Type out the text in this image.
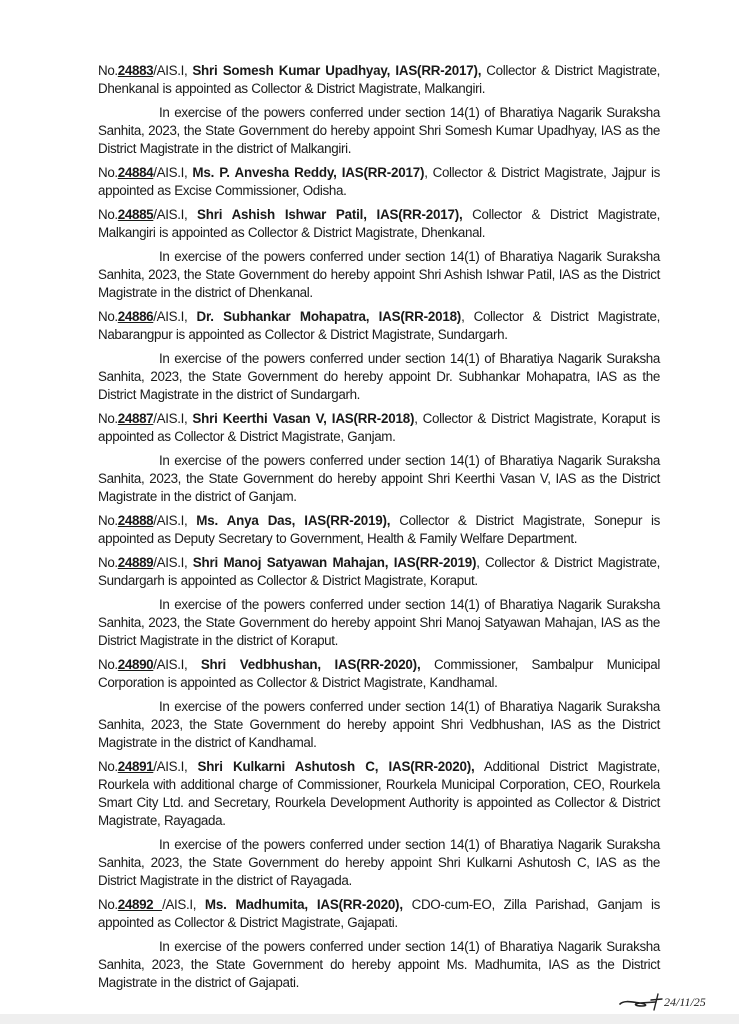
No.24883/AIS.I, Shri Somesh Kumar Upadhyay, IAS(RR-2017), Collector & District Magistrate, Dhenkanal is appointed as Collector & District Magistrate, Malkangiri.

In exercise of the powers conferred under section 14(1) of Bharatiya Nagarik Suraksha Sanhita, 2023, the State Government do hereby appoint Shri Somesh Kumar Upadhyay, IAS as the District Magistrate in the district of Malkangiri.

No.24884/AIS.I, Ms. P. Anvesha Reddy, IAS(RR-2017), Collector & District Magistrate, Jajpur is appointed as Excise Commissioner, Odisha.

No.24885/AIS.I, Shri Ashish Ishwar Patil, IAS(RR-2017), Collector & District Magistrate, Malkangiri is appointed as Collector & District Magistrate, Dhenkanal.

In exercise of the powers conferred under section 14(1) of Bharatiya Nagarik Suraksha Sanhita, 2023, the State Government do hereby appoint Shri Ashish Ishwar Patil, IAS as the District Magistrate in the district of Dhenkanal.

No.24886/AIS.I, Dr. Subhankar Mohapatra, IAS(RR-2018), Collector & District Magistrate, Nabarangpur is appointed as Collector & District Magistrate, Sundargarh.

In exercise of the powers conferred under section 14(1) of Bharatiya Nagarik Suraksha Sanhita, 2023, the State Government do hereby appoint Dr. Subhankar Mohapatra, IAS as the District Magistrate in the district of Sundargarh.

No.24887/AIS.I, Shri Keerthi Vasan V, IAS(RR-2018), Collector & District Magistrate, Koraput is appointed as Collector & District Magistrate, Ganjam.

In exercise of the powers conferred under section 14(1) of Bharatiya Nagarik Suraksha Sanhita, 2023, the State Government do hereby appoint Shri Keerthi Vasan V, IAS as the District Magistrate in the district of Ganjam.

No.24888/AIS.I, Ms. Anya Das, IAS(RR-2019), Collector & District Magistrate, Sonepur is appointed as Deputy Secretary to Government, Health & Family Welfare Department.

No.24889/AIS.I, Shri Manoj Satyawan Mahajan, IAS(RR-2019), Collector & District Magistrate, Sundargarh is appointed as Collector & District Magistrate, Koraput.

In exercise of the powers conferred under section 14(1) of Bharatiya Nagarik Suraksha Sanhita, 2023, the State Government do hereby appoint Shri Manoj Satyawan Mahajan, IAS as the District Magistrate in the district of Koraput.

No.24890/AIS.I, Shri Vedbhushan, IAS(RR-2020), Commissioner, Sambalpur Municipal Corporation is appointed as Collector & District Magistrate, Kandhamal.

In exercise of the powers conferred under section 14(1) of Bharatiya Nagarik Suraksha Sanhita, 2023, the State Government do hereby appoint Shri Vedbhushan, IAS as the District Magistrate in the district of Kandhamal.

No.24891/AIS.I, Shri Kulkarni Ashutosh C, IAS(RR-2020), Additional District Magistrate, Rourkela with additional charge of Commissioner, Rourkela Municipal Corporation, CEO, Rourkela Smart City Ltd. and Secretary, Rourkela Development Authority is appointed as Collector & District Magistrate, Rayagada.

In exercise of the powers conferred under section 14(1) of Bharatiya Nagarik Suraksha Sanhita, 2023, the State Government do hereby appoint Shri Kulkarni Ashutosh C, IAS as the District Magistrate in the district of Rayagada.

No.24892 /AIS.I, Ms. Madhumita, IAS(RR-2020), CDO-cum-EO, Zilla Parishad, Ganjam is appointed as Collector & District Magistrate, Gajapati.

In exercise of the powers conferred under section 14(1) of Bharatiya Nagarik Suraksha Sanhita, 2023, the State Government do hereby appoint Ms. Madhumita, IAS as the District Magistrate in the district of Gajapati.

24/11/25
